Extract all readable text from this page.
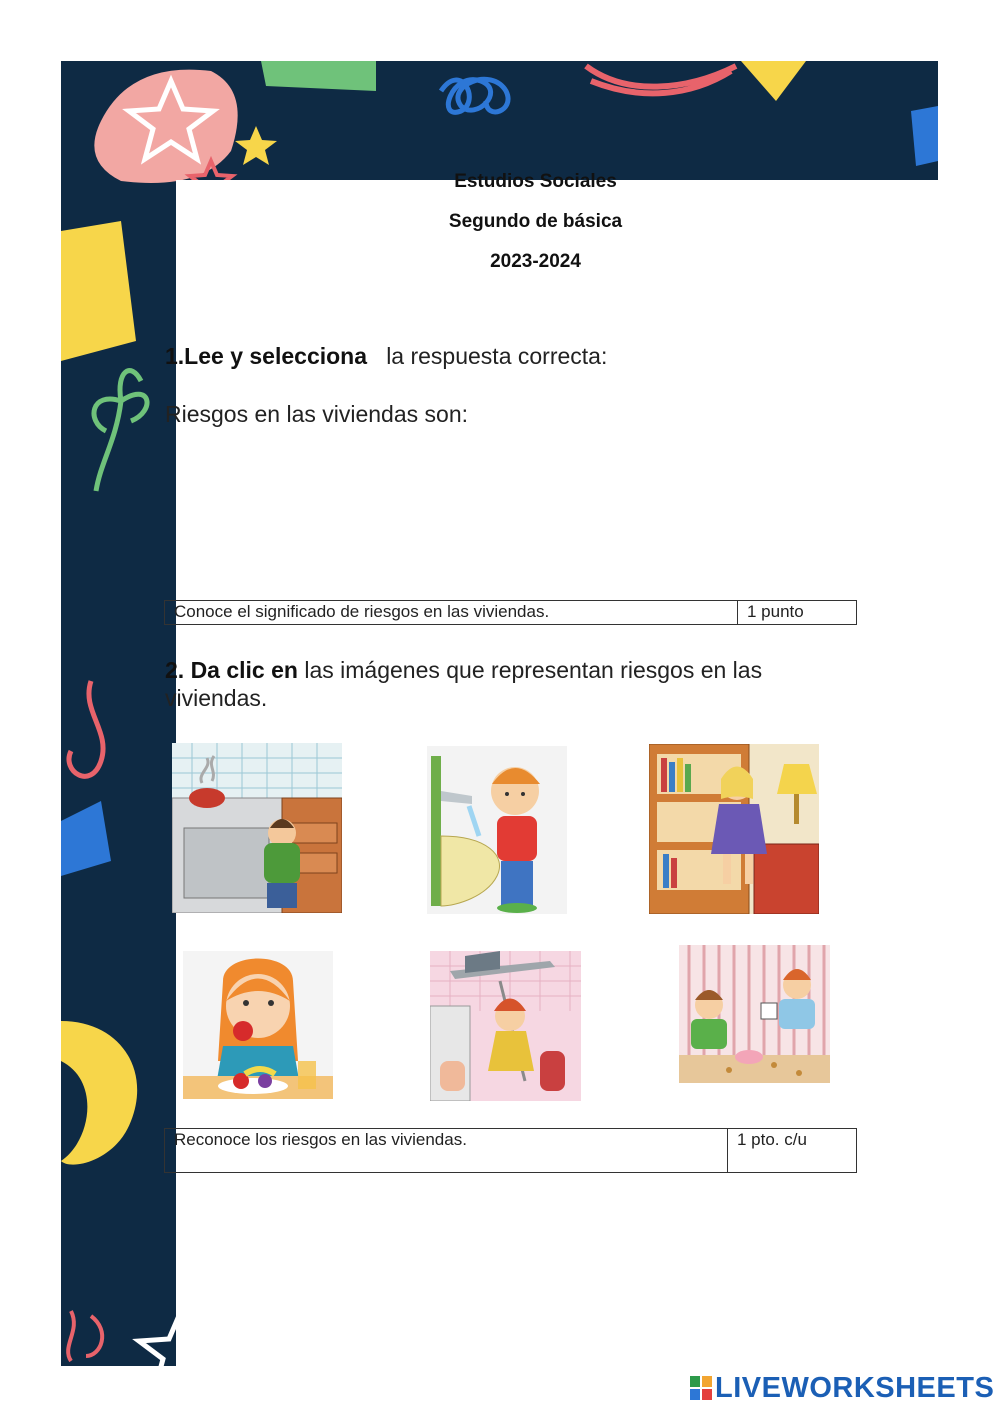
Estudios Sociales
Segundo de básica
2023-2024
1.Lee y selecciona la respuesta correcta:
Riesgos en las viviendas son:
Conoce el significado de riesgos en las viviendas.	1 punto
2. Da clic en las imágenes que representan riesgos en las viviendas.
Reconoce los riesgos en las viviendas.	1 pto. c/u
LIVEWORKSHEETS
